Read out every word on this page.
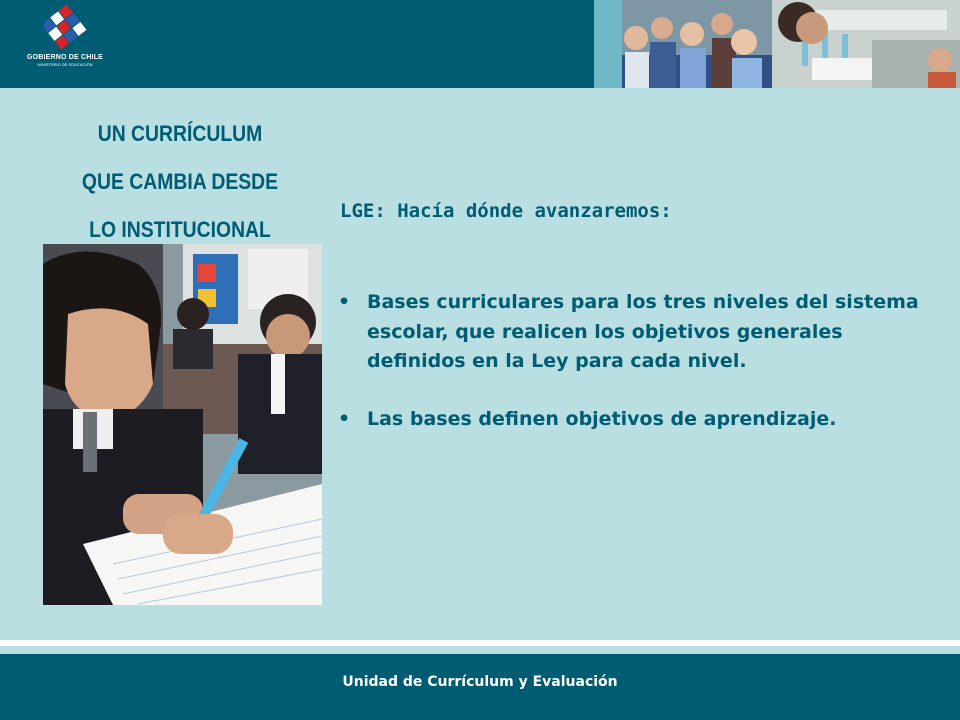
GOBIERNO DE CHILE
MINISTERIO DE EDUCACIÓN
UN CURRÍCULUM
QUE CAMBIA DESDE
LO INSTITUCIONAL
LGE: Hacía dónde avanzaremos:
• Bases curriculares para los tres niveles del sistema escolar, que realicen los objetivos generales definidos en la Ley para cada nivel.
• Las bases definen objetivos de aprendizaje.
Unidad de Currículum y Evaluación
